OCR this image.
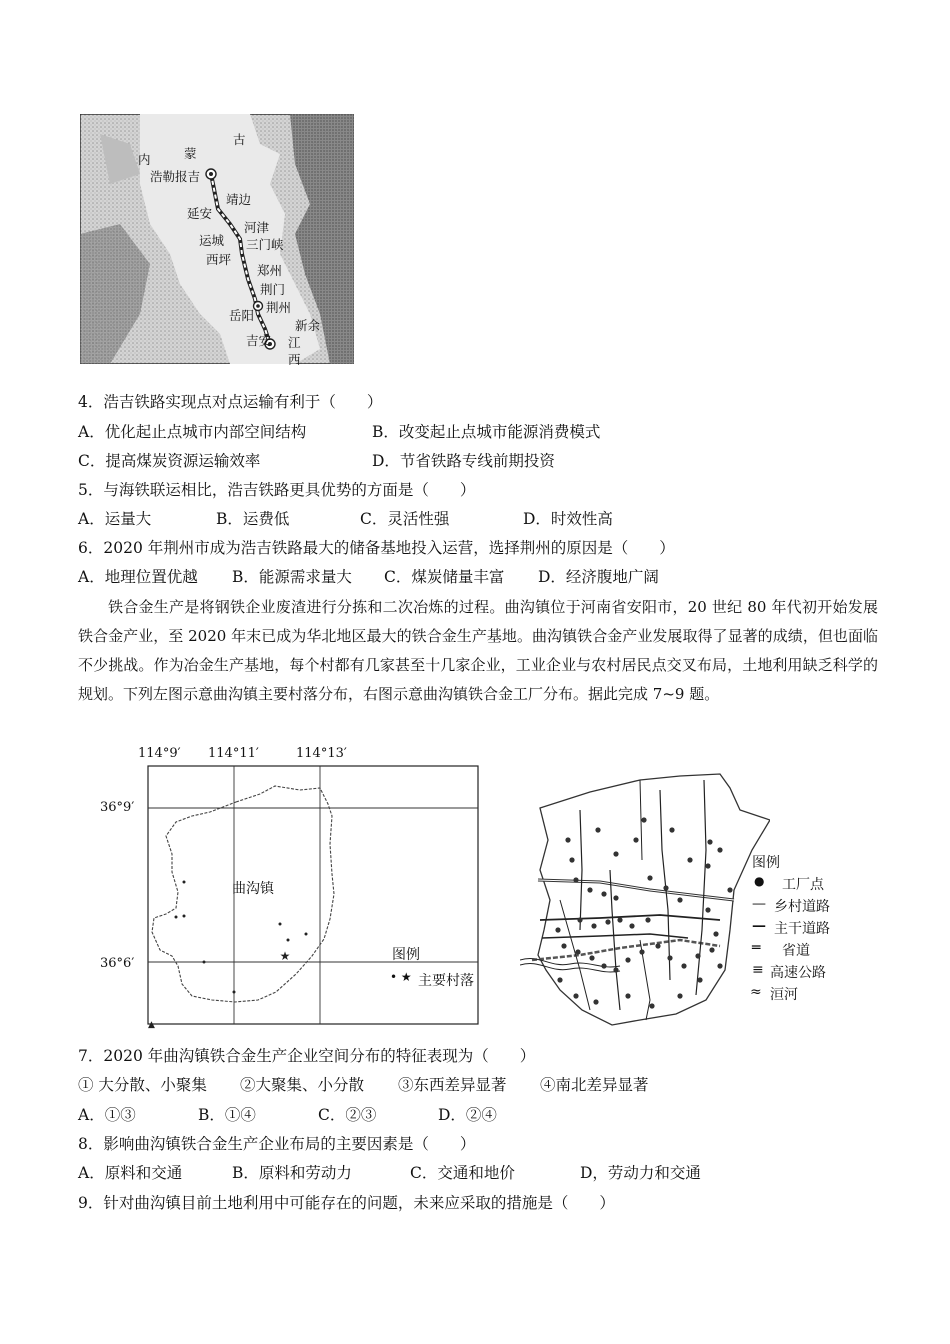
古
内	蒙
浩勒报吉
靖边
延安
河津
运城 三门峡
西坪
郑州
荆门
荆州
岳阳
新余
吉安 江
西
4．浩吉铁路实现点对点运输有利于（　　）
A．优化起止点城市内部空间结构	B．改变起止点城市能源消费模式
C．提高煤炭资源运输效率	D．节省铁路专线前期投资
5．与海铁联运相比，浩吉铁路更具优势的方面是（　　）
A．运量大	B．运费低	C．灵活性强	D．时效性高
6．2020 年荆州市成为浩吉铁路最大的储备基地投入运营，选择荆州的原因是（　　）
A．地理位置优越 B．能源需求量大 C．煤炭储量丰富 D．经济腹地广阔
铁合金生产是将钢铁企业废渣进行分拣和二次冶炼的过程。曲沟镇位于河南省安阳市，20 世纪 80 年代初开始发展铁合金产业，至 2020 年末已成为华北地区最大的铁合金生产基地。曲沟镇铁合金产业发展取得了显著的成绩，但也面临不少挑战。作为冶金生产基地，每个村都有几家甚至十几家企业，工业企业与农村居民点交叉布局，土地利用缺乏科学的规划。下列左图示意曲沟镇主要村落分布，右图示意曲沟镇铁合金工厂分布。据此完成 7~9 题。
★
▲
114°9′ 114°11′	114°13′
36°9′
36°6′
曲沟镇
图例
• ★ 主要村落
图例
● 工厂点
— 乡村道路
— 主干道路
═ 省道
≡ 高速公路
≈ 洹河
7．2020 年曲沟镇铁合金生产企业空间分布的特征表现为（　　）
① 大分散、小聚集 ②大聚集、小分散 ③东西差异显著 ④南北差异显著
A．①③	B．①④	C．②③	D．②④
8．影响曲沟镇铁合金生产企业布局的主要因素是（　　）
A．原料和交通	B．原料和劳动力	C．交通和地价	D，劳动力和交通
9．针对曲沟镇目前土地利用中可能存在的问题，未来应采取的措施是（　　）
